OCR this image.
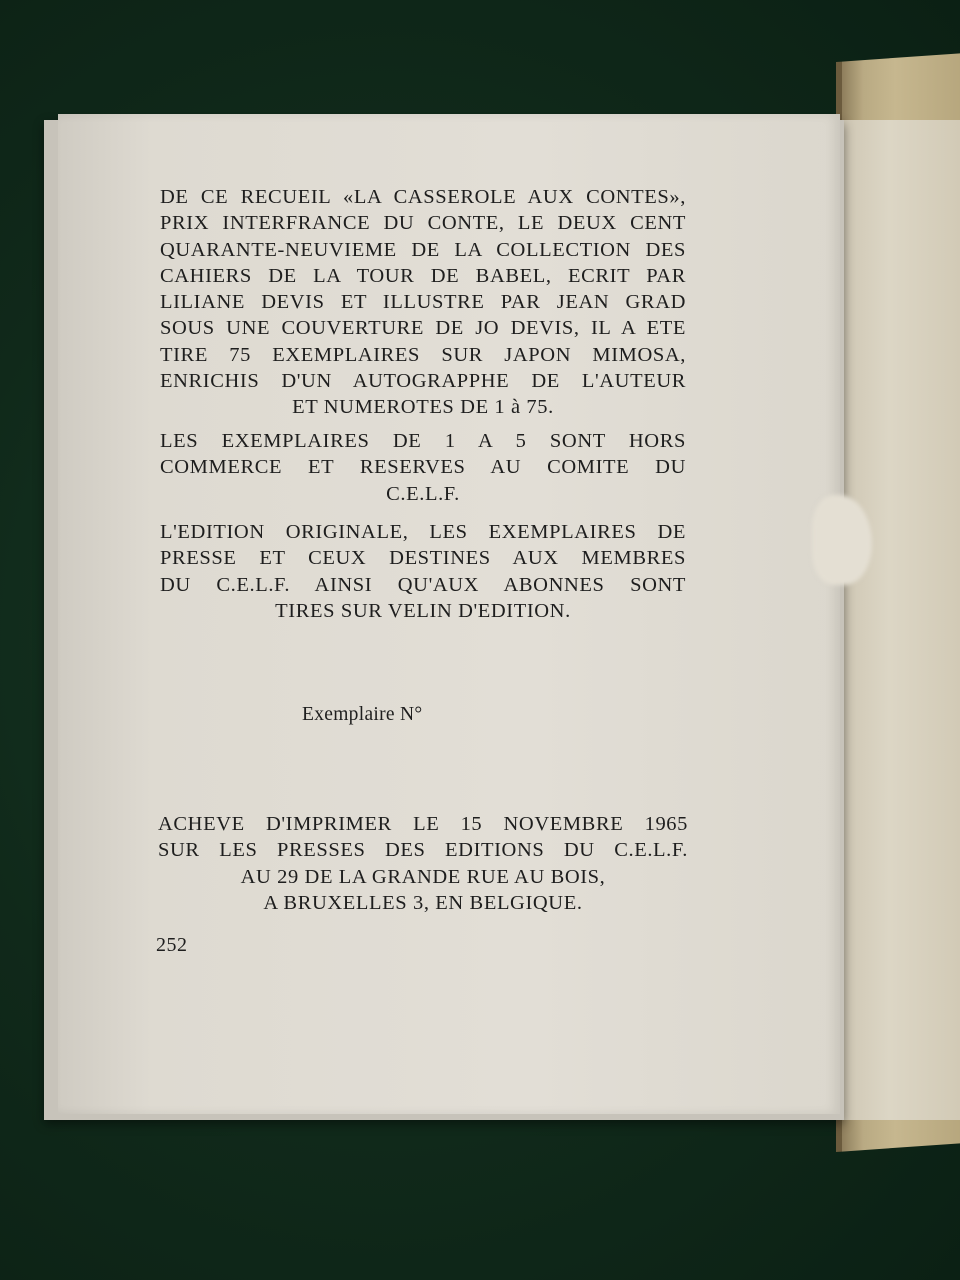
DE CE RECUEIL «LA CASSEROLE AUX CONTES»,
PRIX INTERFRANCE DU CONTE, LE DEUX CENT
QUARANTE-NEUVIEME DE LA COLLECTION DES
CAHIERS DE LA TOUR DE BABEL, ECRIT PAR
LILIANE DEVIS ET ILLUSTRE PAR JEAN GRAD
SOUS UNE COUVERTURE DE JO DEVIS, IL A ETE
TIRE 75 EXEMPLAIRES SUR JAPON MIMOSA,
ENRICHIS D'UN AUTOGRAPPHE DE L'AUTEUR
ET NUMEROTES DE 1 à 75.
LES EXEMPLAIRES DE 1 A 5 SONT HORS
COMMERCE ET RESERVES AU COMITE DU
C.E.L.F.
L'EDITION ORIGINALE, LES EXEMPLAIRES DE
PRESSE ET CEUX DESTINES AUX MEMBRES
DU C.E.L.F. AINSI QU'AUX ABONNES SONT
TIRES SUR VELIN D'EDITION.
Exemplaire N°
ACHEVE D'IMPRIMER LE 15 NOVEMBRE 1965
SUR LES PRESSES DES EDITIONS DU C.E.L.F.
AU 29 DE LA GRANDE RUE AU BOIS,
A BRUXELLES 3, EN BELGIQUE.
252
